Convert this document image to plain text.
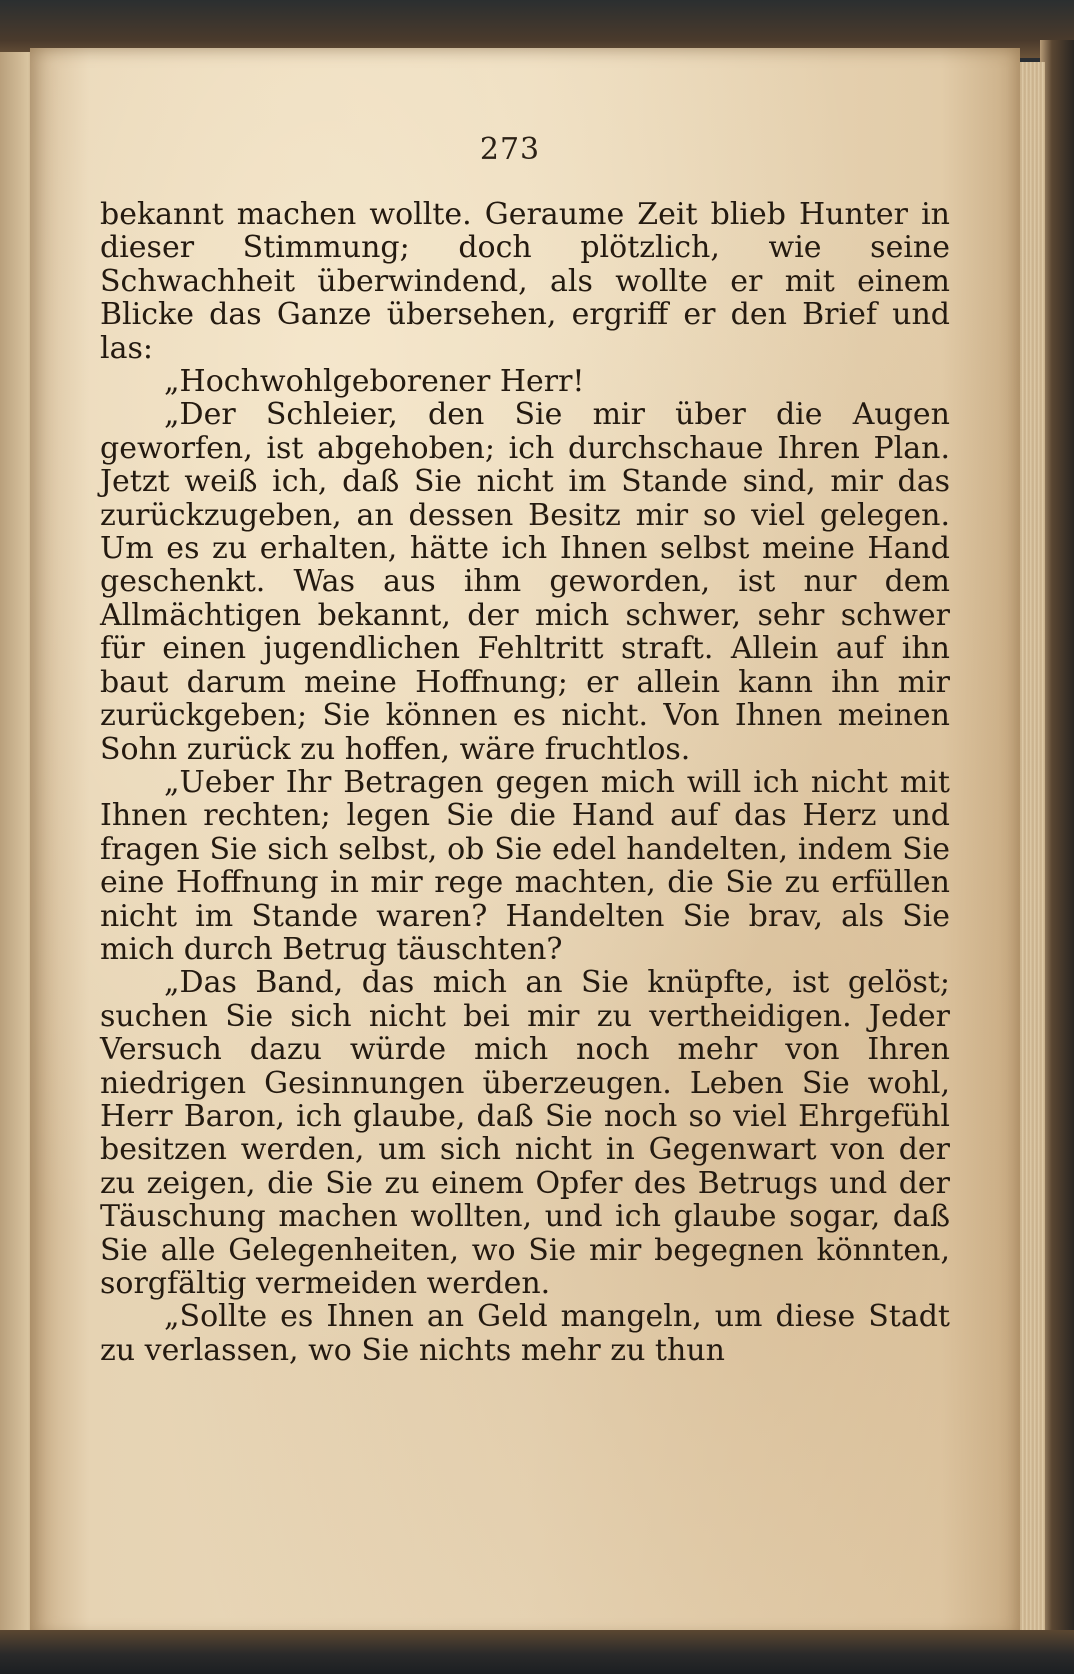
273

bekannt machen wollte. Geraume Zeit blieb Hunter in dieser Stimmung; doch plötzlich, wie seine Schwachheit überwindend, als wollte er mit einem Blicke das Ganze übersehen, ergriff er den Brief und las:

„Hochwohlgeborener Herr!

„Der Schleier, den Sie mir über die Augen geworfen, ist abgehoben; ich durchschaue Ihren Plan. Jetzt weiß ich, daß Sie nicht im Stande sind, mir das zurückzugeben, an dessen Besitz mir so viel gelegen. Um es zu erhalten, hätte ich Ihnen selbst meine Hand geschenkt. Was aus ihm geworden, ist nur dem Allmächtigen bekannt, der mich schwer, sehr schwer für einen jugendlichen Fehltritt straft. Allein auf ihn baut darum meine Hoffnung; er allein kann ihn mir zurückgeben; Sie können es nicht. Von Ihnen meinen Sohn zurück zu hoffen, wäre fruchtlos.

„Ueber Ihr Betragen gegen mich will ich nicht mit Ihnen rechten; legen Sie die Hand auf das Herz und fragen Sie sich selbst, ob Sie edel handelten, indem Sie eine Hoffnung in mir rege machten, die Sie zu erfüllen nicht im Stande waren? Handelten Sie brav, als Sie mich durch Betrug täuschten?

„Das Band, das mich an Sie knüpfte, ist gelöst; suchen Sie sich nicht bei mir zu vertheidigen. Jeder Versuch dazu würde mich noch mehr von Ihren niedrigen Gesinnungen überzeugen. Leben Sie wohl, Herr Baron, ich glaube, daß Sie noch so viel Ehrgefühl besitzen werden, um sich nicht in Gegenwart von der zu zeigen, die Sie zu einem Opfer des Betrugs und der Täuschung machen wollten, und ich glaube sogar, daß Sie alle Gelegenheiten, wo Sie mir begegnen könnten, sorgfältig vermeiden werden.

„Sollte es Ihnen an Geld mangeln, um diese Stadt zu verlassen, wo Sie nichts mehr zu thun
